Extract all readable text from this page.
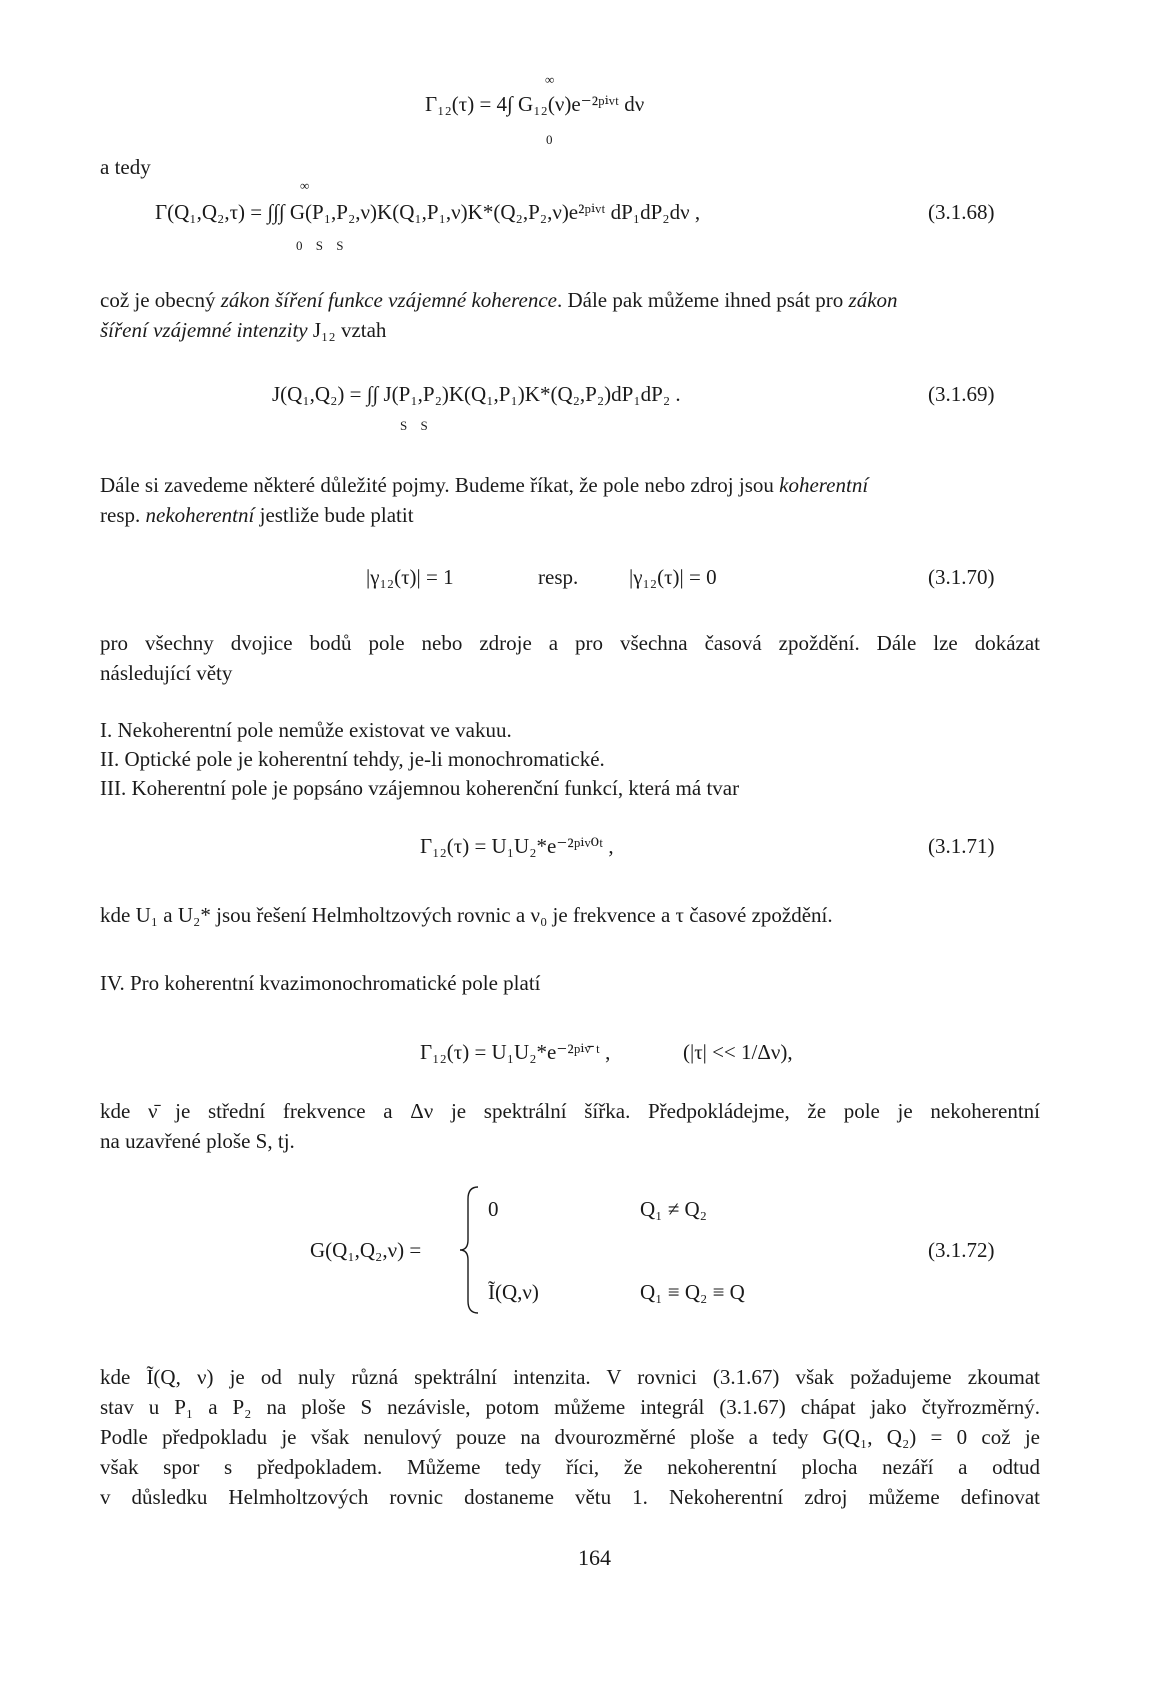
∞
Γ₁₂(τ) = 4∫ G₁₂(ν)e⁻²ᵖⁱᵛᵗ dν
0
a tedy
∞
Γ(Q₁,Q₂,τ) = ∫∫∫ G(P₁,P₂,ν)K(Q₁,P₁,ν)K*(Q₂,P₂,ν)e²ᵖⁱᵛᵗ dP₁dP₂dν ,
0 S S
(3.1.68)
což je obecný zákon šíření funkce vzájemné koherence. Dále pak můžeme ihned psát pro zákon
šíření vzájemné intenzity J₁₂ vztah
J(Q₁,Q₂) = ∫∫ J(P₁,P₂)K(Q₁,P₁)K*(Q₂,P₂)dP₁dP₂ .
S S
(3.1.69)
Dále si zavedeme některé důležité pojmy. Budeme říkat, že pole nebo zdroj jsou koherentní
resp. nekoherentní jestliže bude platit
|γ₁₂(τ)| = 1	resp. |γ₁₂(τ)| = 0	(3.1.70)
pro všechny dvojice bodů pole nebo zdroje a pro všechna časová zpoždění. Dále lze dokázat
následující věty
I. Nekoherentní pole nemůže existovat ve vakuu.
II. Optické pole je koherentní tehdy, je-li monochromatické.
III. Koherentní pole je popsáno vzájemnou koherenční funkcí, která má tvar
Γ₁₂(τ) = U₁U₂*e⁻²ᵖⁱᵛ⁰ᵗ ,	(3.1.71)
kde U₁ a U₂* jsou řešení Helmholtzových rovnic a ν₀ je frekvence a τ časové zpoždění.
IV. Pro koherentní kvazimonochromatické pole platí
Γ₁₂(τ) = U₁U₂*e⁻²ᵖⁱᵛ̄ ᵗ ,	(|τ| << 1/Δν),
kde ν̄ je střední frekvence a Δν je spektrální šířka. Předpokládejme, že pole je nekoherentní
na uzavřené ploše S, tj.
G(Q₁,Q₂,ν) =
0	Q₁ ≠ Q₂
Ĩ(Q,ν)	Q₁ ≡ Q₂ ≡ Q
(3.1.72)
kde Ĩ(Q, ν) je od nuly různá spektrální intenzita. V rovnici (3.1.67) však požadujeme zkoumat
stav u P₁ a P₂ na ploše S nezávisle, potom můžeme integrál (3.1.67) chápat jako čtyřrozměrný.
Podle předpokladu je však nenulový pouze na dvourozměrné ploše a tedy G(Q₁, Q₂) = 0 což je
však spor s předpokladem. Můžeme tedy říci, že nekoherentní plocha nezáří a odtud
v důsledku Helmholtzových rovnic dostaneme větu 1. Nekoherentní zdroj můžeme definovat
164
